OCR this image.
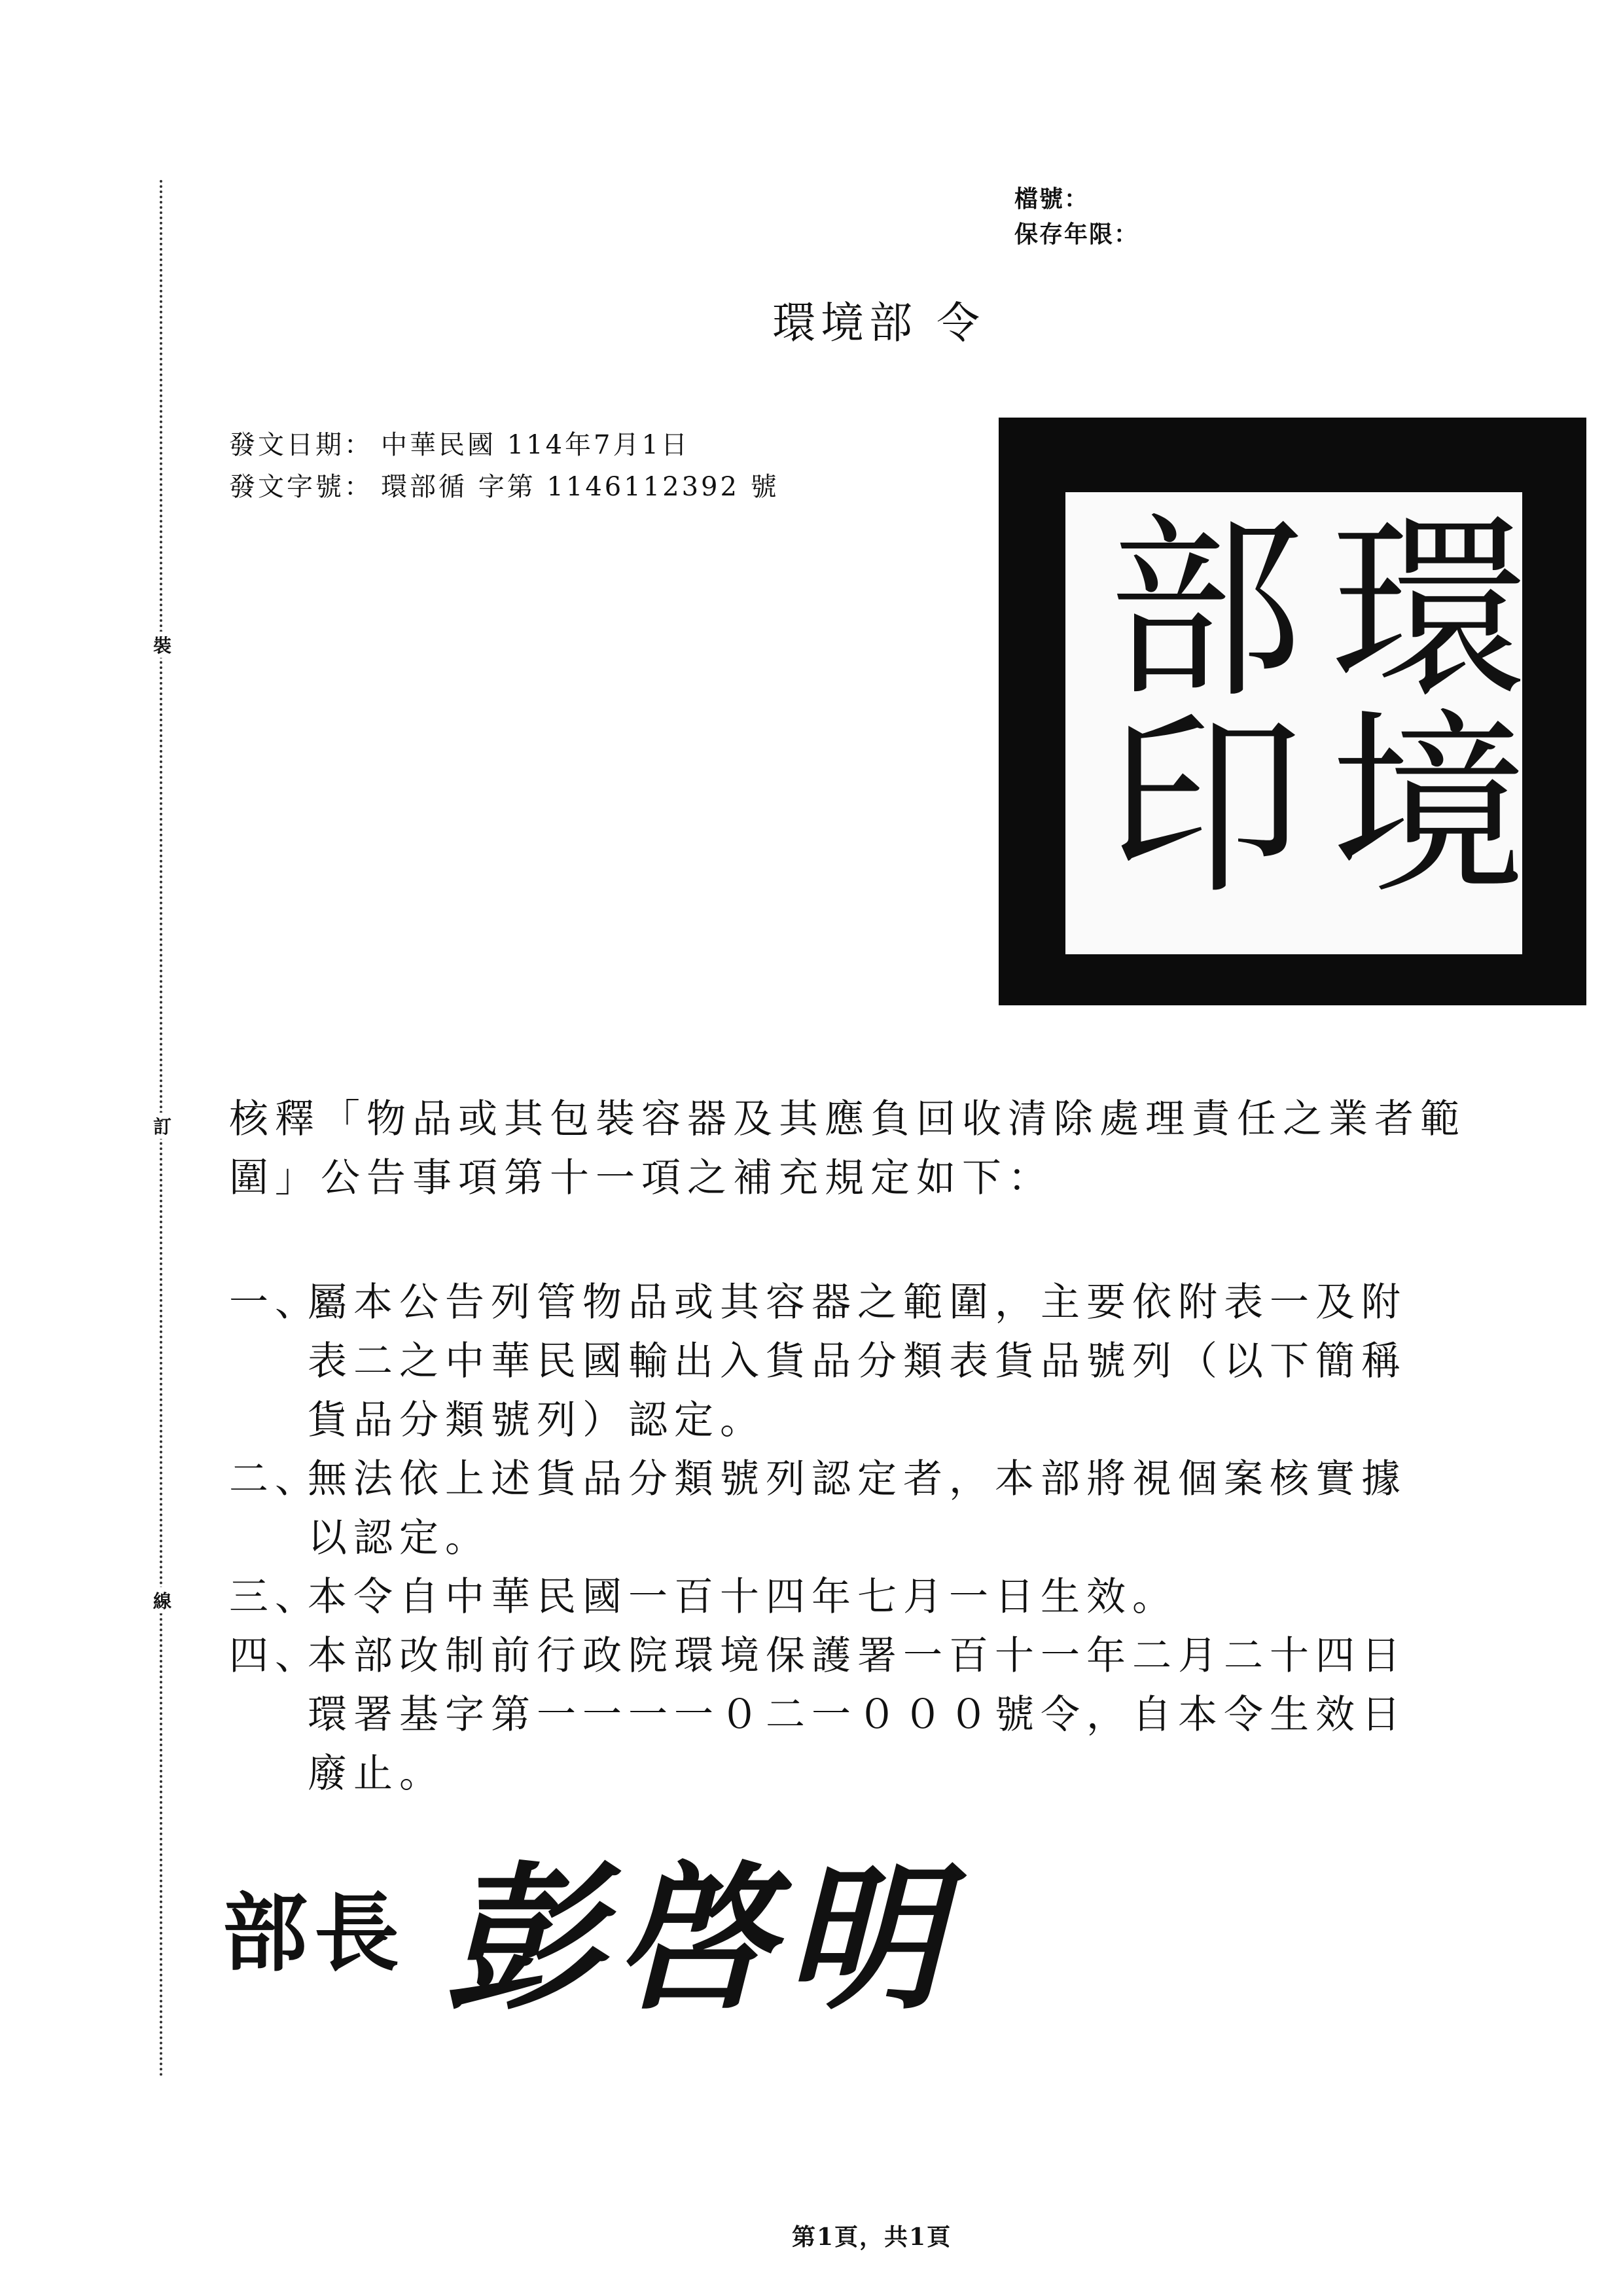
裝
訂
線
檔號：
保存年限：
環境部 令
發文日期： 中華民國 114年7月1日
發文字號： 環部循 字第 1146112392 號
環境
部印
核釋「物品或其包裝容器及其應負回收清除處理責任之業者範
圍」公告事項第十一項之補充規定如下：
一、
屬本公告列管物品或其容器之範圍，主要依附表一及附
表二之中華民國輸出入貨品分類表貨品號列（以下簡稱
貨品分類號列）認定。
二、
無法依上述貨品分類號列認定者，本部將視個案核實據
以認定。
三、
本令自中華民國一百十四年七月一日生效。
四、
本部改制前行政院環境保護署一百十一年二月二十四日
環署基字第一一一一０二一０００號令，自本令生效日
廢止。
部長 彭啓明
第1頁，共1頁
